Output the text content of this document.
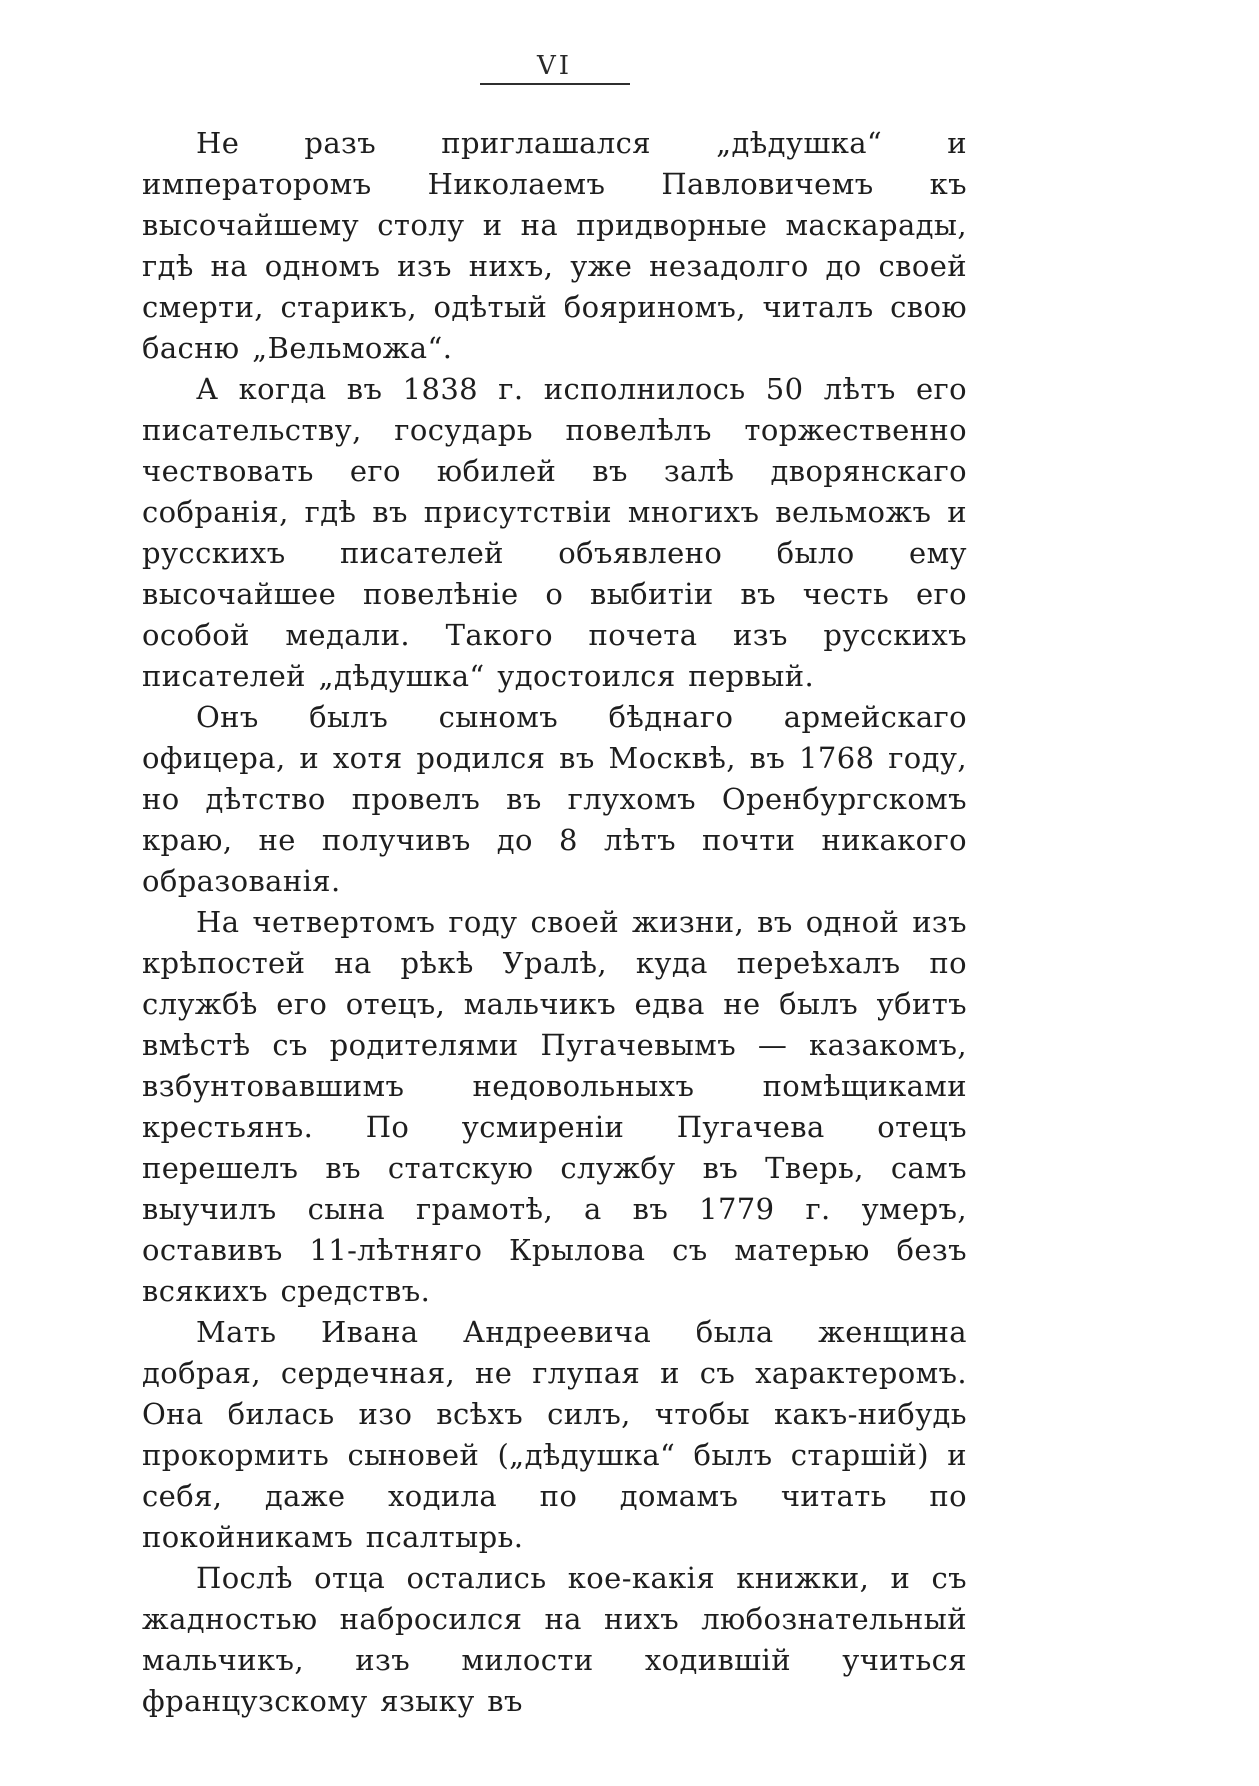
VI

Не разъ приглашался „дѣдушка“ и императоромъ Николаемъ Павловичемъ къ высочайшему столу и на придворные маскарады, гдѣ на одномъ изъ нихъ, уже незадолго до своей смерти, старикъ, одѣтый бояриномъ, читалъ свою басню „Вельможа“.

А когда въ 1838 г. исполнилось 50 лѣтъ его писательству, государь повелѣлъ торжественно чествовать его юбилей въ залѣ дворянскаго собранія, гдѣ въ присутствіи многихъ вельможъ и русскихъ писателей объявлено было ему высочайшее повелѣніе о выбитіи въ честь его особой медали. Такого почета изъ русскихъ писателей „дѣдушка“ удостоился первый.

Онъ былъ сыномъ бѣднаго армейскаго офицера, и хотя родился въ Москвѣ, въ 1768 году, но дѣтство провелъ въ глухомъ Оренбургскомъ краю, не получивъ до 8 лѣтъ почти никакого образованія.

На четвертомъ году своей жизни, въ одной изъ крѣпостей на рѣкѣ Уралѣ, куда переѣхалъ по службѣ его отецъ, мальчикъ едва не былъ убитъ вмѣстѣ съ родителями Пугачевымъ — казакомъ, взбунтовавшимъ недовольныхъ помѣщиками крестьянъ. По усмиреніи Пугачева отецъ перешелъ въ статскую службу въ Тверь, самъ выучилъ сына грамотѣ, а въ 1779 г. умеръ, оставивъ 11-лѣтняго Крылова съ матерью безъ всякихъ средствъ.

Мать Ивана Андреевича была женщина добрая, сердечная, не глупая и съ характеромъ. Она билась изо всѣхъ силъ, чтобы какъ-нибудь прокормить сыновей („дѣдушка“ былъ старшій) и себя, даже ходила по домамъ читать по покойникамъ псалтырь.

Послѣ отца остались кое-какія книжки, и съ жадностью набросился на нихъ любознательный мальчикъ, изъ милости ходившій учиться французскому языку въ
